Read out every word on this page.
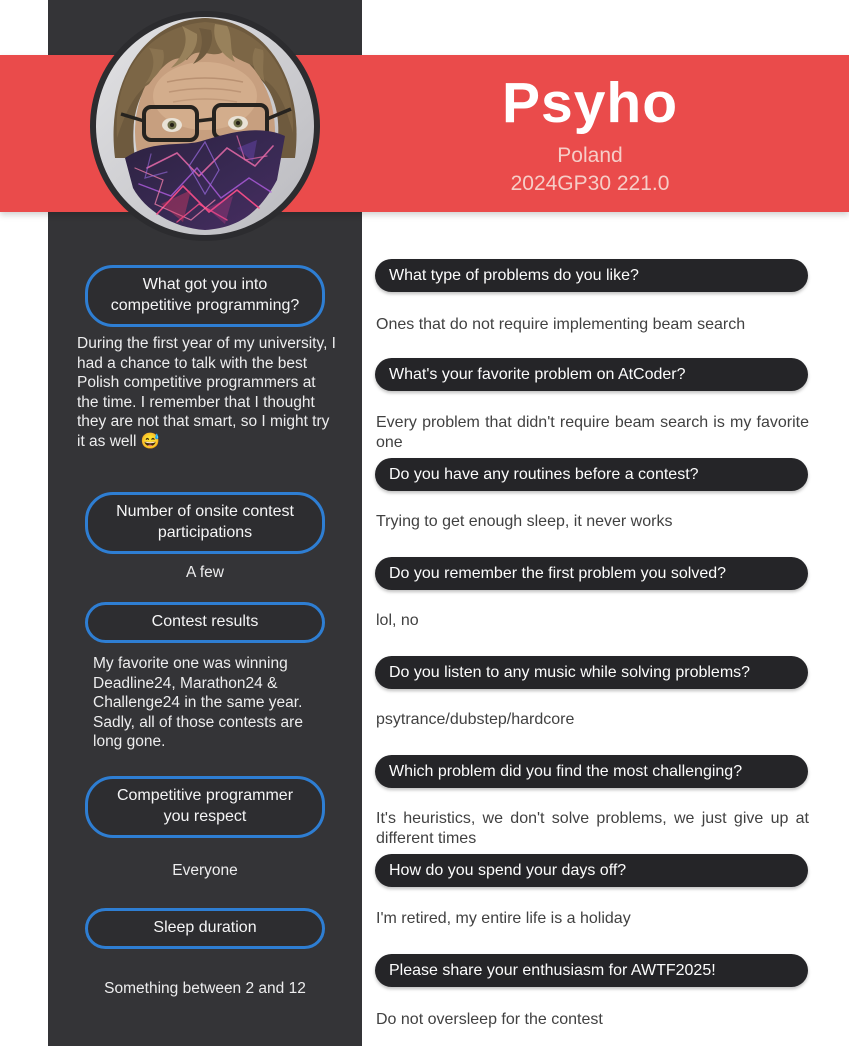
Psyho
Poland
2024GP30 221.0
What got you into competitive programming?
During the first year of my university, I had a chance to talk with the best Polish competitive programmers at the time. I remember that I thought they are not that smart, so I might try it as well 😅
Number of onsite contest participations
A few
Contest results
My favorite one was winning Deadline24, Marathon24 & Challenge24 in the same year. Sadly, all of those contests are long gone.
Competitive programmer you respect
Everyone
Sleep duration
Something between 2 and 12
What type of problems do you like?
Ones that do not require implementing beam search
What's your favorite problem on AtCoder?
Every problem that didn't require beam search is my favorite one
Do you have any routines before a contest?
Trying to get enough sleep, it never works
Do you remember the first problem you solved?
lol, no
Do you listen to any music while solving problems?
psytrance/dubstep/hardcore
Which problem did you find the most challenging?
It's heuristics, we don't solve problems, we just give up at different times
How do you spend your days off?
I'm retired, my entire life is a holiday
Please share your enthusiasm for AWTF2025!
Do not oversleep for the contest
